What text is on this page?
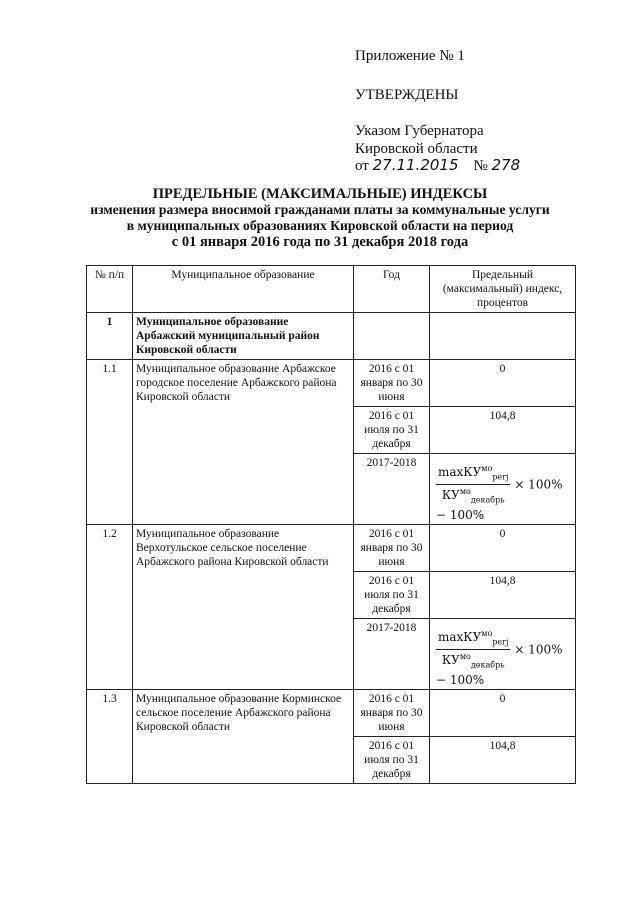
Приложение № 1
УТВЕРЖДЕНЫ
Указом Губернатора
Кировской области
от 27.11.2015 № 278
ПРЕДЕЛЬНЫЕ (МАКСИМАЛЬНЫЕ) ИНДЕКСЫ
изменения размера вносимой гражданами платы за коммунальные услуги
в муниципальных образованиях Кировской области на период
с 01 января 2016 года по 31 декабря 2018 года
№ п/п	Муниципальное образование	Год	Предельный (максимальный) индекс, процентов
1	Муниципальное образование Арбажский муниципальный район Кировской области		
1.1	Муниципальное образование Арбажское городское поселение Арбажского района Кировской области	2016 с 01 января по 30 июня	0
		2016 с 01 июля по 31 декабря	104,8
		2017-2018	$\frac{\max КУ^{мо}_{perj}}{КУ^{мо}_{декабрь}} \times 100\%$
− 100%
1.2	Муниципальное образование Верхотульское сельское поселение Арбажского района Кировской области	2016 с 01 января по 30 июня	0
		2016 с 01 июля по 31 декабря	104,8
		2017-2018	$\frac{\max КУ^{мо}_{perj}}{КУ^{мо}_{декабрь}} \times 100\%$
− 100%
1.3	Муниципальное образование Корминское сельское поселение Арбажского района Кировской области	2016 с 01 января по 30 июня	0
		2016 с 01 июля по 31 декабря	104,8
